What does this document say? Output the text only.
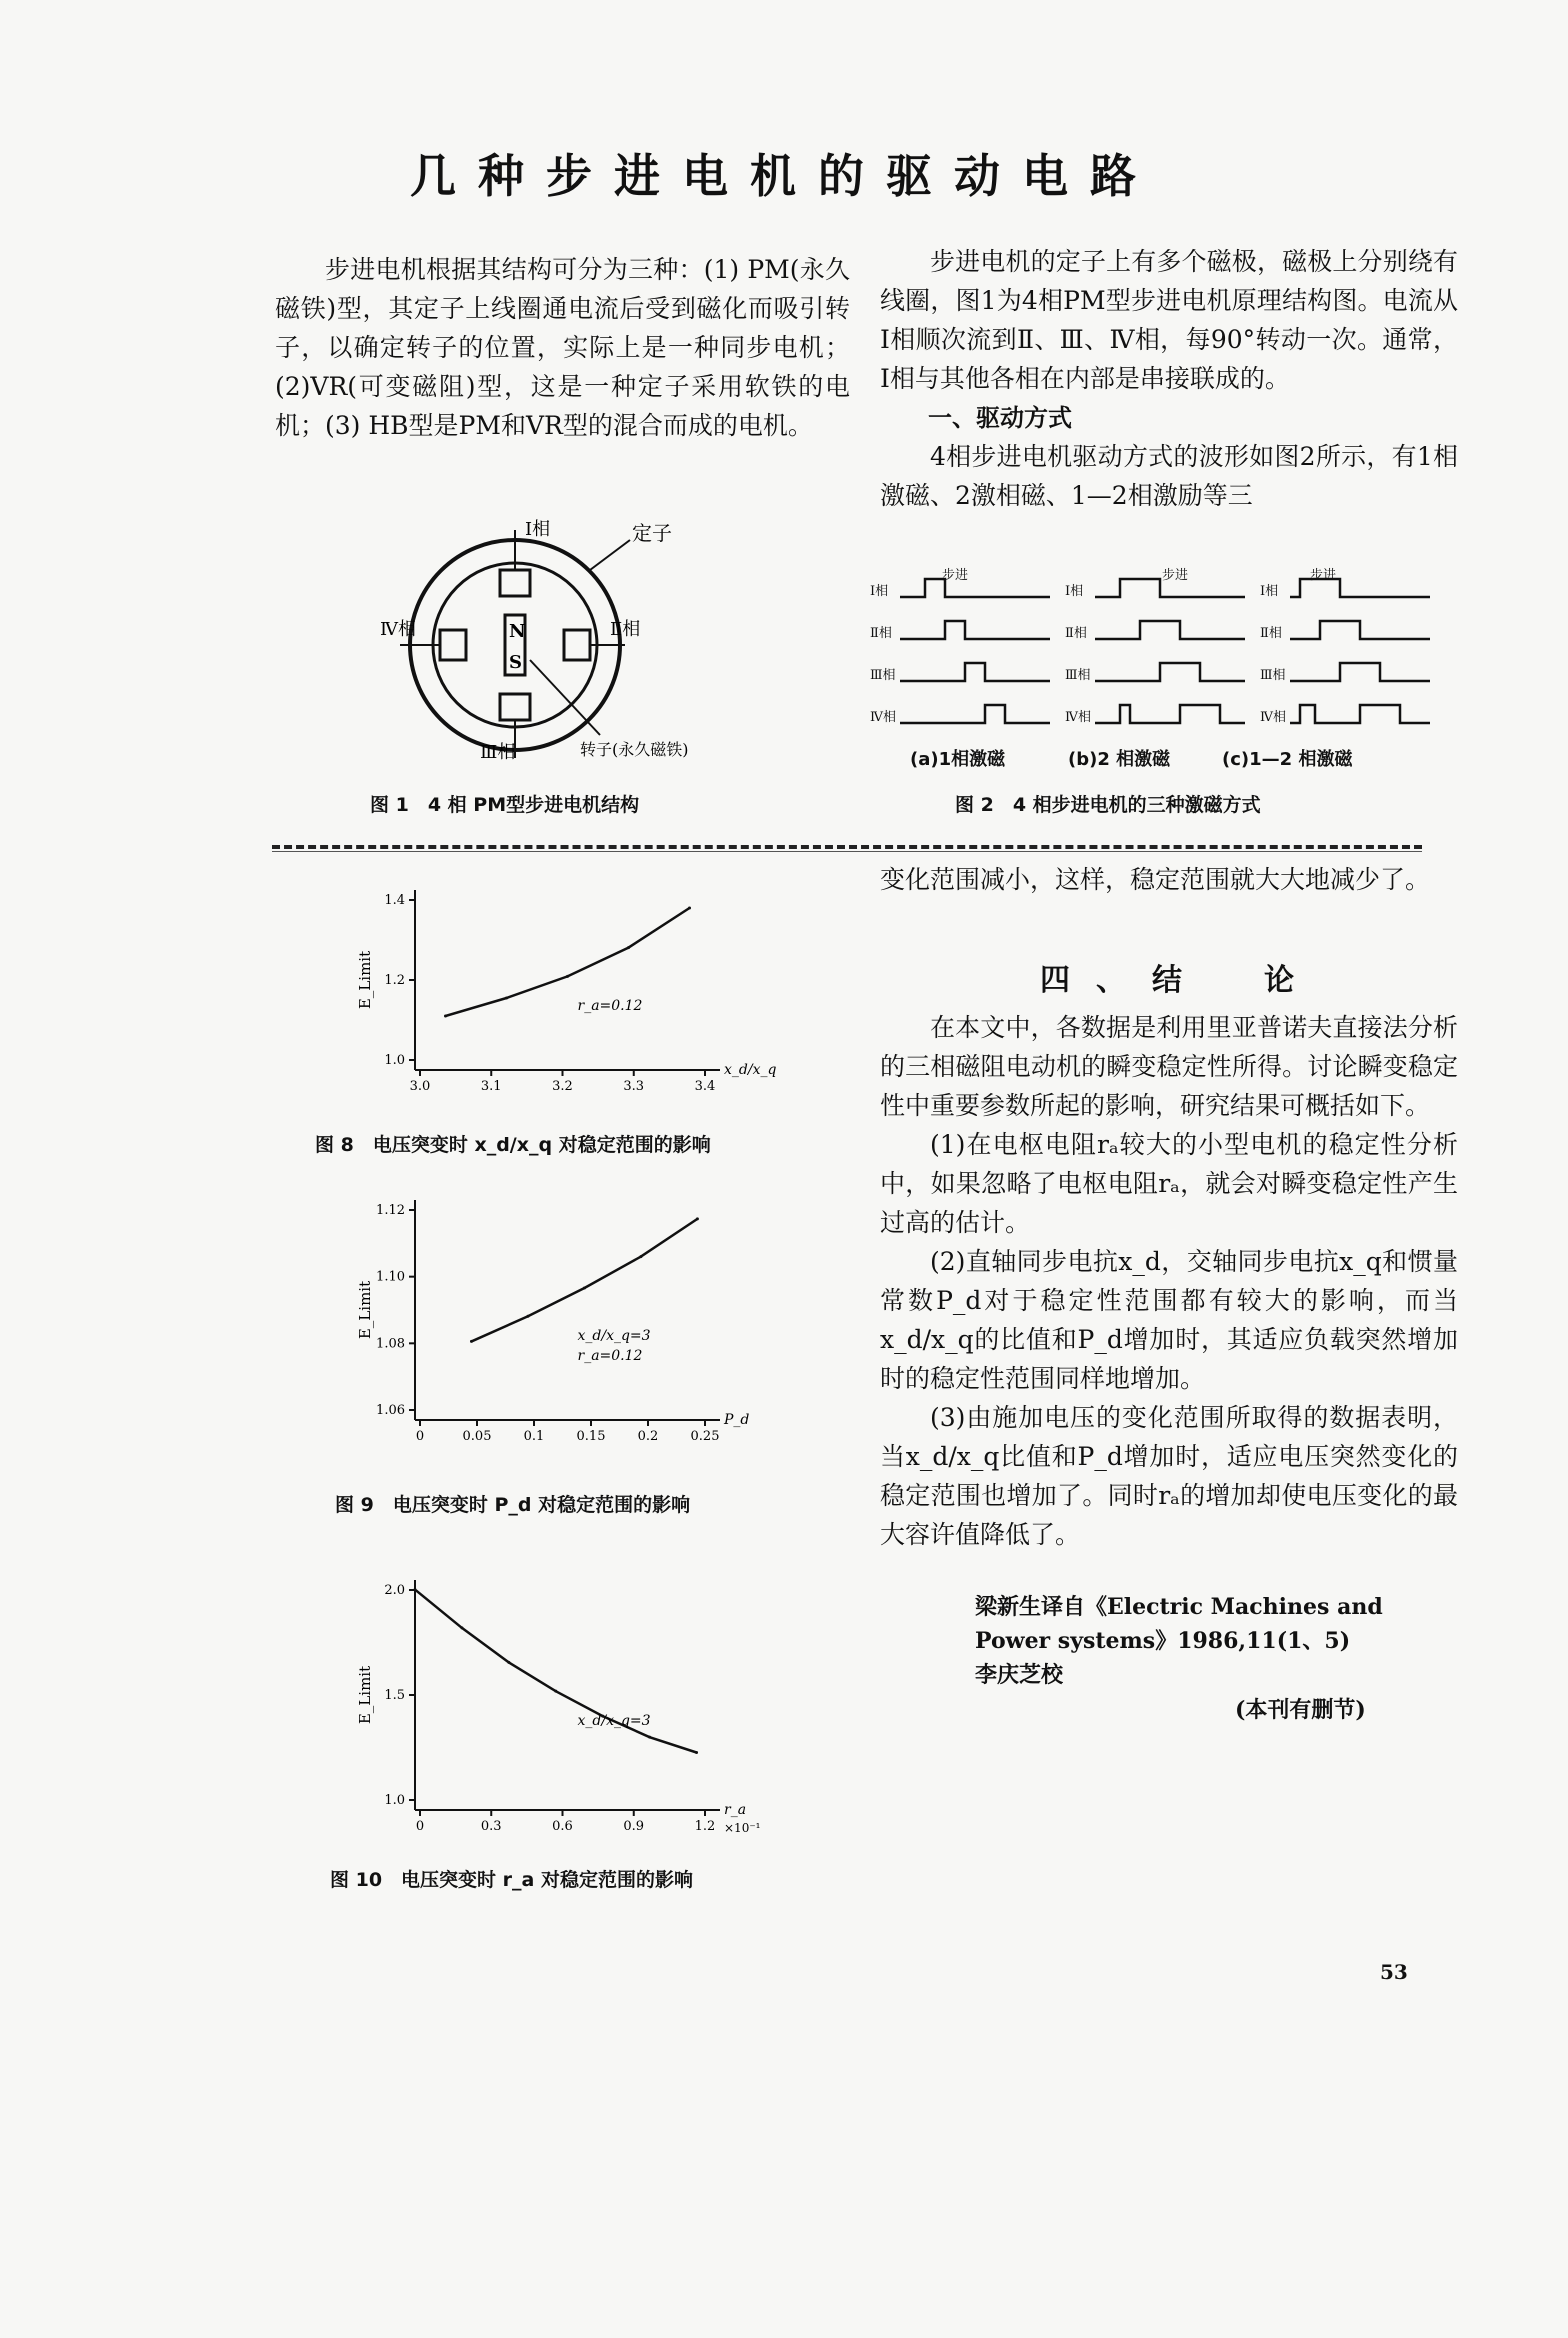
几种步进电机的驱动电路

步进电机根据其结构可分为三种：(1) PM(永久磁铁)型，其定子上线圈通电流后受到磁化而吸引转子，以确定转子的位置，实际上是一种同步电机；(2)VR(可变磁阻)型，这是一种定子采用软铁的电机；(3) HB型是PM和VR型的混合而成的电机。

步进电机的定子上有多个磁极，磁极上分别绕有线圈，图1为4相PM型步进电机原理结构图。电流从Ⅰ相顺次流到Ⅱ、Ⅲ、Ⅳ相，每90°转动一次。通常，Ⅰ相与其他各相在内部是串接联成的。

一、驱动方式

4相步进电机驱动方式的波形如图2所示，有1相激磁、2激相磁、1—2相激励等三

Ⅰ相
Ⅳ相	Ⅱ相
Ⅲ相
定子
转子(永久磁铁)
N
S
图 1　4 相 PM型步进电机结构
Ⅰ相
Ⅱ相
Ⅲ相
Ⅳ相
Ⅰ相
Ⅱ相
Ⅲ相
Ⅳ相
Ⅰ相
Ⅱ相
Ⅲ相
Ⅳ相
步进	步进	步进
(a)1相激磁	(b)2 相激磁	(c)1—2 相激磁
图 2　4 相步进电机的三种激磁方式
1.4
1.2
1.0
3.0	3.1	3.2	3.3	3.4
E_Limit
x_d/x_q
r_a=0.12
图 8　电压突变时 x_d/x_q 对稳定范围的影响
1.12
1.10
1.08
1.06
0	0.05 0.1 0.15 0.2 0.25
E_Limit
P_d
x_d/x_q=3
r_a=0.12
图 9　电压突变时 P_d 对稳定范围的影响
2.0
1.5
1.0
0	0.3	0.6	0.9	1.2
E_Limit
r_a
×10⁻¹
x_d/x_q=3
图 10　电压突变时 r_a 对稳定范围的影响

变化范围减小，这样，稳定范围就大大地减少了。

四、结　论

在本文中，各数据是利用里亚普诺夫直接法分析的三相磁阻电动机的瞬变稳定性所得。讨论瞬变稳定性中重要参数所起的影响，研究结果可概括如下。

(1)在电枢电阻rₐ较大的小型电机的稳定性分析中，如果忽略了电枢电阻rₐ，就会对瞬变稳定性产生过高的估计。

(2)直轴同步电抗x_d，交轴同步电抗x_q和惯量常数P_d对于稳定性范围都有较大的影响，而当x_d/x_q的比值和P_d增加时，其适应负载突然增加时的稳定性范围同样地增加。

(3)由施加电压的变化范围所取得的数据表明，当x_d/x_q比值和P_d增加时，适应电压突然变化的稳定范围也增加了。同时rₐ的增加却使电压变化的最大容许值降低了。

梁新生译自《Electric Machines and
Power systems》1986,11(1、5)
李庆芝校
(本刊有删节)
53
